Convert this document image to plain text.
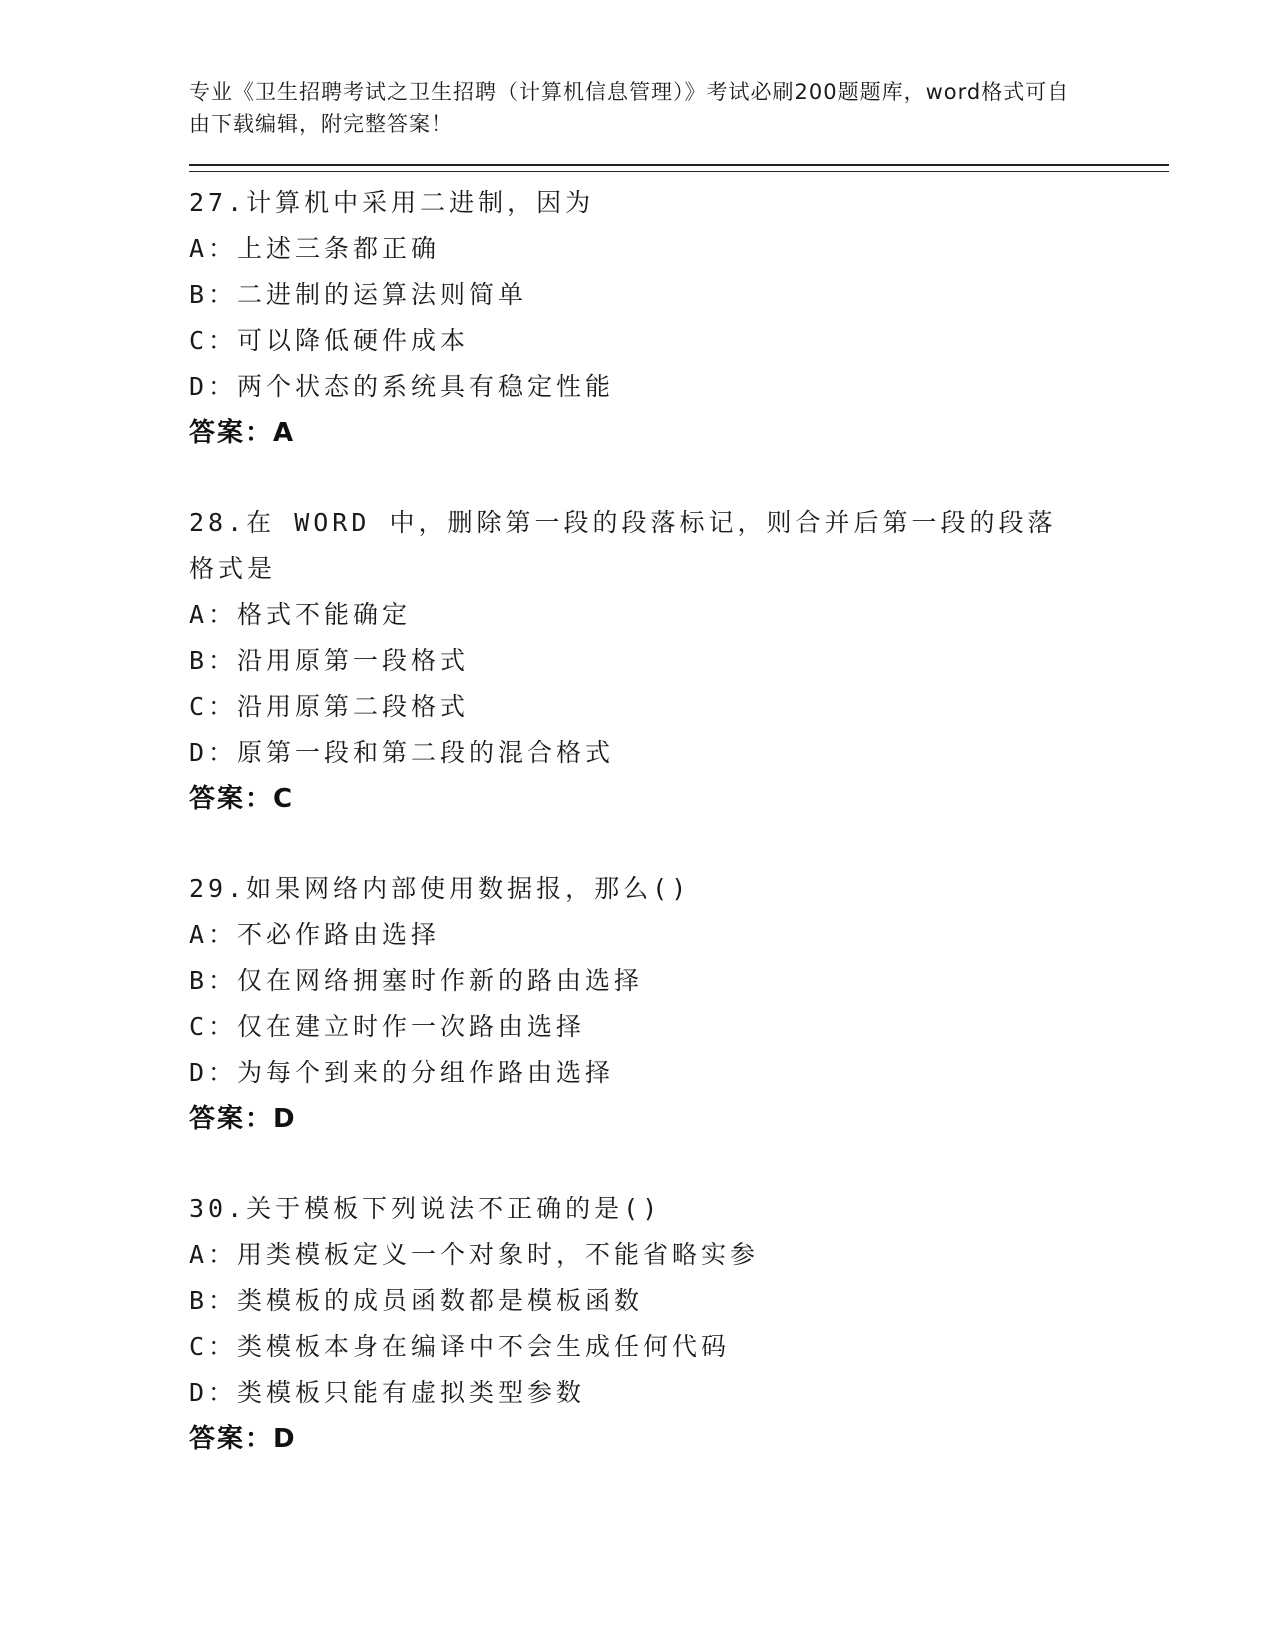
专业《卫生招聘考试之卫生招聘（计算机信息管理）》考试必刷200题题库，word格式可自由下载编辑，附完整答案！
27.计算机中采用二进制，因为
A：上述三条都正确
B：二进制的运算法则简单
C：可以降低硬件成本
D：两个状态的系统具有稳定性能
答案：A
28.在 WORD 中，删除第一段的段落标记，则合并后第一段的段落格式是
A：格式不能确定
B：沿用原第一段格式
C：沿用原第二段格式
D：原第一段和第二段的混合格式
答案：C
29.如果网络内部使用数据报，那么()
A：不必作路由选择
B：仅在网络拥塞时作新的路由选择
C：仅在建立时作一次路由选择
D：为每个到来的分组作路由选择
答案：D
30.关于模板下列说法不正确的是()
A：用类模板定义一个对象时，不能省略实参
B：类模板的成员函数都是模板函数
C：类模板本身在编译中不会生成任何代码
D：类模板只能有虚拟类型参数
答案：D
